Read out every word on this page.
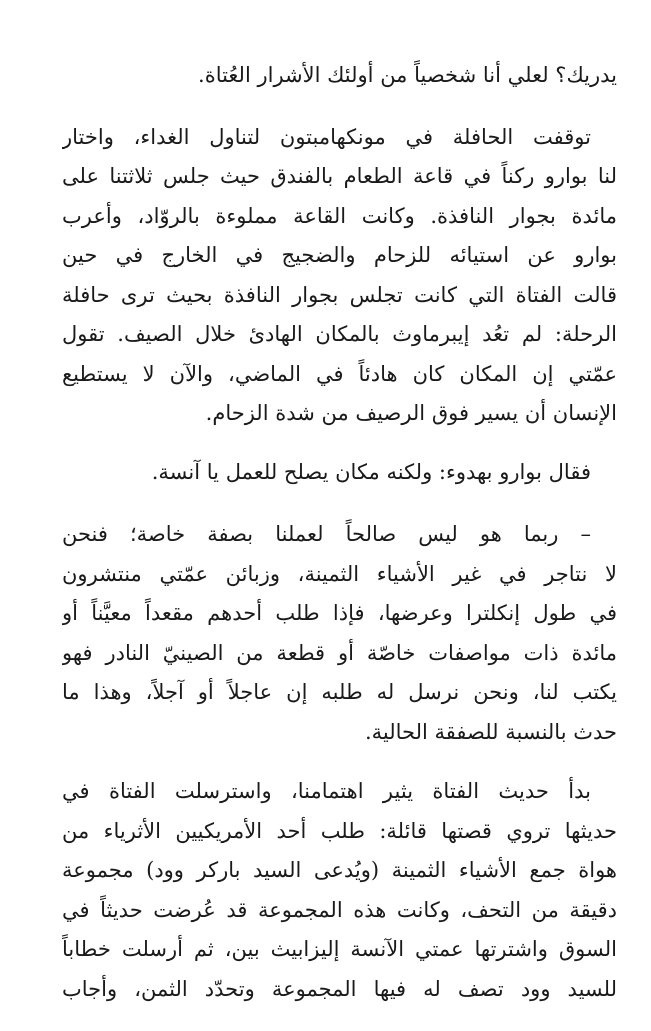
يدريك؟ لعلي أنا شخصياً من أولئك الأشرار العُتاة.
توقفت الحافلة في مونكهامبتون لتناول الغداء، واختار
لنا بوارو ركناً في قاعة الطعام بالفندق حيث جلس ثلاثتنا على
مائدة بجوار النافذة. وكانت القاعة مملوءة بالروّاد، وأعرب
بوارو عن استيائه للزحام والضجيج في الخارج في حين
قالت الفتاة التي كانت تجلس بجوار النافذة بحيث ترى حافلة
الرحلة: لم تعُد إيبرماوث بالمكان الهادئ خلال الصيف. تقول
عمّتي إن المكان كان هادئاً في الماضي، والآن لا يستطيع
الإنسان أن يسير فوق الرصيف من شدة الزحام.
فقال بوارو بهدوء: ولكنه مكان يصلح للعمل يا آنسة.
– ربما هو ليس صالحاً لعملنا بصفة خاصة؛ فنحن
لا نتاجر في غير الأشياء الثمينة، وزبائن عمّتي منتشرون
في طول إنكلترا وعرضها، فإذا طلب أحدهم مقعداً معيَّناً أو
مائدة ذات مواصفات خاصّة أو قطعة من الصينيّ النادر فهو
يكتب لنا، ونحن نرسل له طلبه إن عاجلاً أو آجلاً، وهذا ما
حدث بالنسبة للصفقة الحالية.
بدأ حديث الفتاة يثير اهتمامنا، واسترسلت الفتاة في
حديثها تروي قصتها قائلة: طلب أحد الأمريكيين الأثرياء من
هواة جمع الأشياء الثمينة (ويُدعى السيد باركر وود) مجموعة
دقيقة من التحف، وكانت هذه المجموعة قد عُرضت حديثاً في
السوق واشترتها عمتي الآنسة إليزابيث بين، ثم أرسلت خطاباً
للسيد وود تصف له فيها المجموعة وتحدّد الثمن، وأجاب
